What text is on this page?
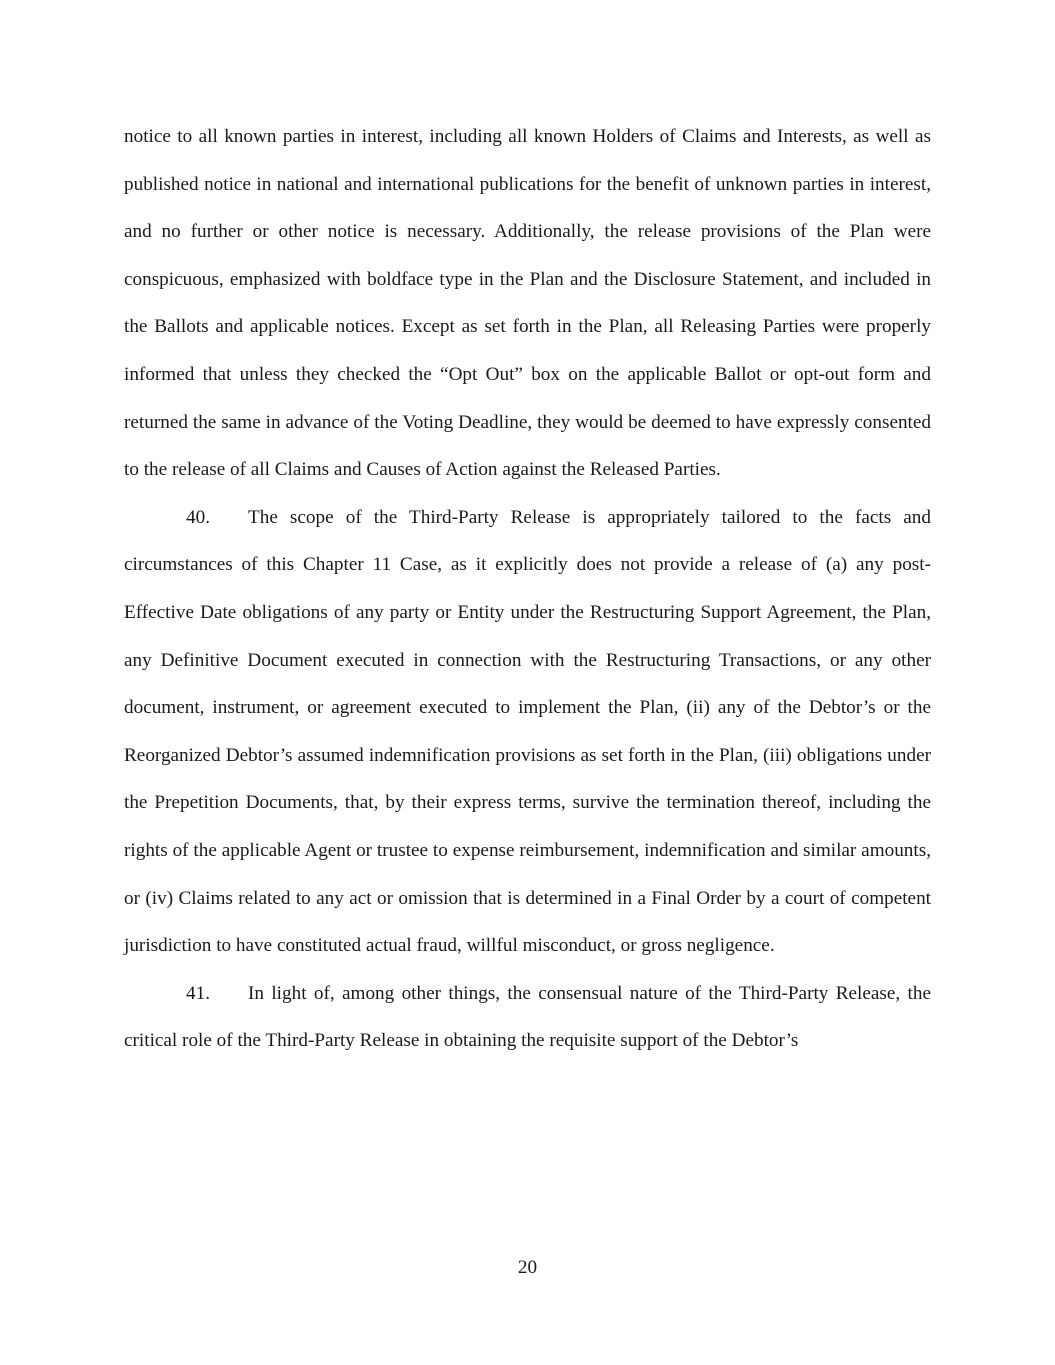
notice to all known parties in interest, including all known Holders of Claims and Interests, as well as published notice in national and international publications for the benefit of unknown parties in interest, and no further or other notice is necessary. Additionally, the release provisions of the Plan were conspicuous, emphasized with boldface type in the Plan and the Disclosure Statement, and included in the Ballots and applicable notices. Except as set forth in the Plan, all Releasing Parties were properly informed that unless they checked the “Opt Out” box on the applicable Ballot or opt-out form and returned the same in advance of the Voting Deadline, they would be deemed to have expressly consented to the release of all Claims and Causes of Action against the Released Parties.

40. The scope of the Third-Party Release is appropriately tailored to the facts and circumstances of this Chapter 11 Case, as it explicitly does not provide a release of (a) any post-Effective Date obligations of any party or Entity under the Restructuring Support Agreement, the Plan, any Definitive Document executed in connection with the Restructuring Transactions, or any other document, instrument, or agreement executed to implement the Plan, (ii) any of the Debtor’s or the Reorganized Debtor’s assumed indemnification provisions as set forth in the Plan, (iii) obligations under the Prepetition Documents, that, by their express terms, survive the termination thereof, including the rights of the applicable Agent or trustee to expense reimbursement, indemnification and similar amounts, or (iv) Claims related to any act or omission that is determined in a Final Order by a court of competent jurisdiction to have constituted actual fraud, willful misconduct, or gross negligence.

41. In light of, among other things, the consensual nature of the Third-Party Release, the critical role of the Third-Party Release in obtaining the requisite support of the Debtor’s

20
